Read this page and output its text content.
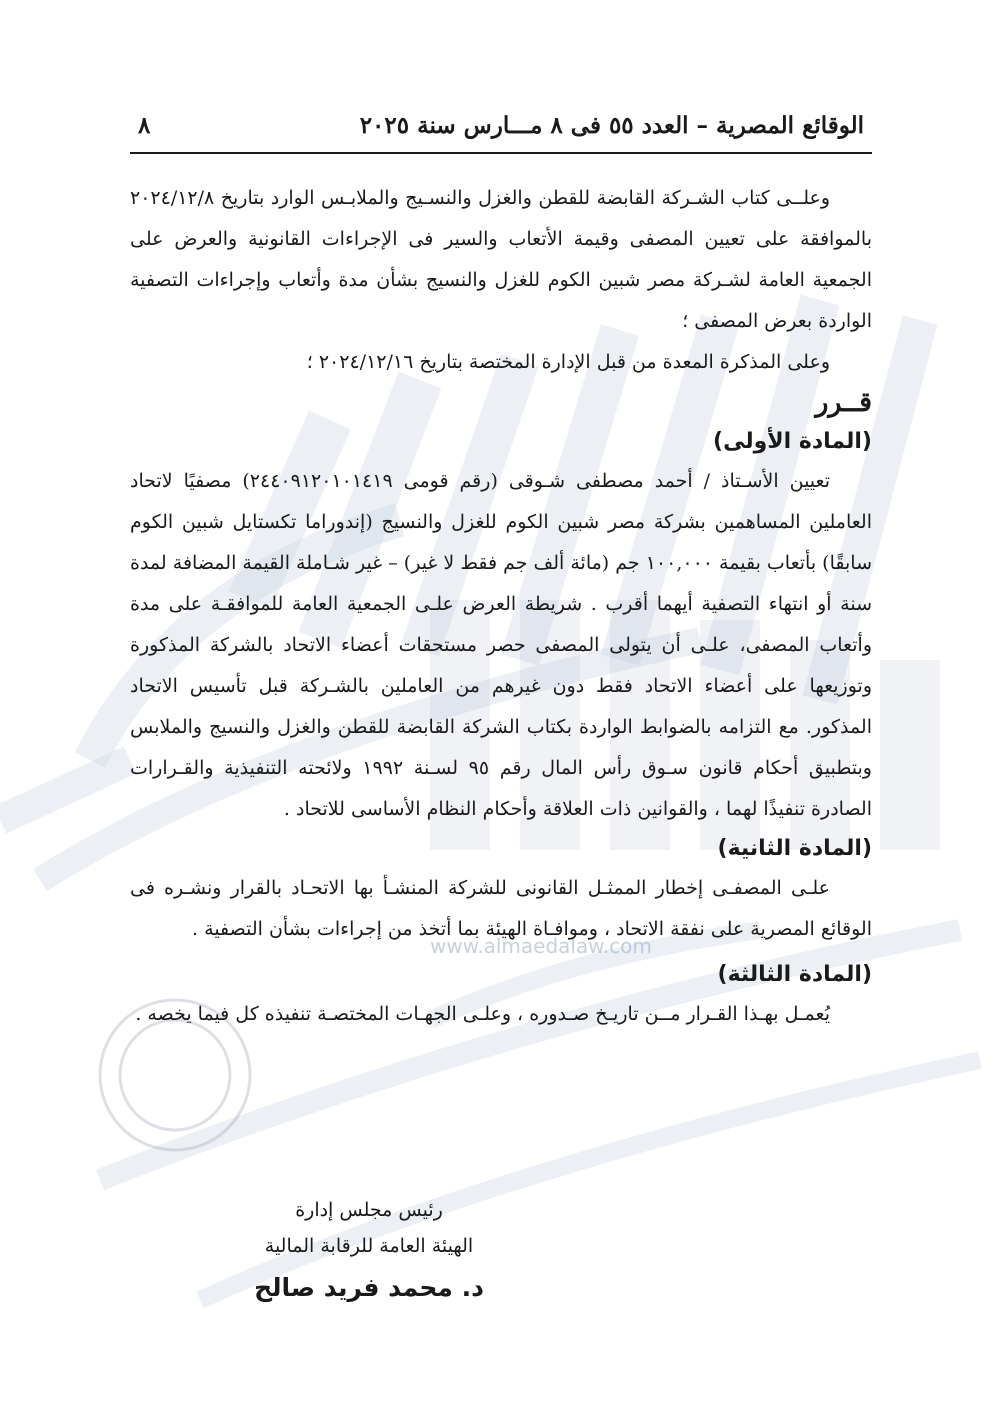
www.almaedalaw.com
الوقائع المصرية – العدد ٥٥ فى ٨ مـــارس سنة ٢٠٢٥
٨

وعلــى كتاب الشـركة القابضة للقطن والغزل والنسـيج والملابـس الوارد بتاريخ ٢٠٢٤/١٢/٨ بالموافقة على تعيين المصفى وقيمة الأتعاب والسير فى الإجراءات القانونية والعرض على الجمعية العامة لشـركة مصر شبين الكوم للغزل والنسيج بشأن مدة وأتعاب وإجراءات التصفية الواردة بعرض المصفى ؛

وعلى المذكرة المعدة من قبل الإدارة المختصة بتاريخ ٢٠٢٤/١٢/١٦ ؛

قــرر
(المادة الأولى)

تعيين الأسـتاذ / أحمد مصطفى شـوقى (رقم قومى ٢٤٤٠٩١٢٠١٠١٤١٩) مصفيًا لاتحاد العاملين المساهمين بشركة مصر شبين الكوم للغزل والنسيج (إندوراما تكستايل شبين الكوم سابقًا) بأتعاب بقيمة ١٠٠,٠٠٠ جم (مائة ألف جم فقط لا غير) – غير شـاملة القيمة المضافة لمدة سنة أو انتهاء التصفية أيهما أقرب . شريطة العرض علـى الجمعية العامة للموافقـة على مدة وأتعاب المصفى، علـى أن يتولى المصفى حصر مستحقات أعضاء الاتحاد بالشركة المذكورة وتوزيعها على أعضاء الاتحاد فقط دون غيرهم من العاملين بالشـركة قبل تأسيس الاتحاد المذكور. مع التزامه بالضوابط الواردة بكتاب الشركة القابضة للقطن والغزل والنسيج والملابس وبتطبيق أحكام قانون سـوق رأس المال رقم ٩٥ لسـنة ١٩٩٢ ولائحته التنفيذية والقـرارات الصادرة تنفيذًا لهما ، والقوانين ذات العلاقة وأحكام النظام الأساسى للاتحاد .

(المادة الثانية)

علـى المصفـى إخطار الممثـل القانونى للشركة المنشـأ بها الاتحـاد بالقرار ونشـره فى الوقائع المصرية على نفقة الاتحاد ، وموافـاة الهيئة بما أتخذ من إجراءات بشأن التصفية .

(المادة الثالثة)

يُعمـل بهـذا القـرار مــن تاريـخ صـدوره ، وعلـى الجهـات المختصـة تنفيذه كل فيما يخصه .

رئيس مجلس إدارة
الهيئة العامة للرقابة المالية
د. محمد فريد صالح
